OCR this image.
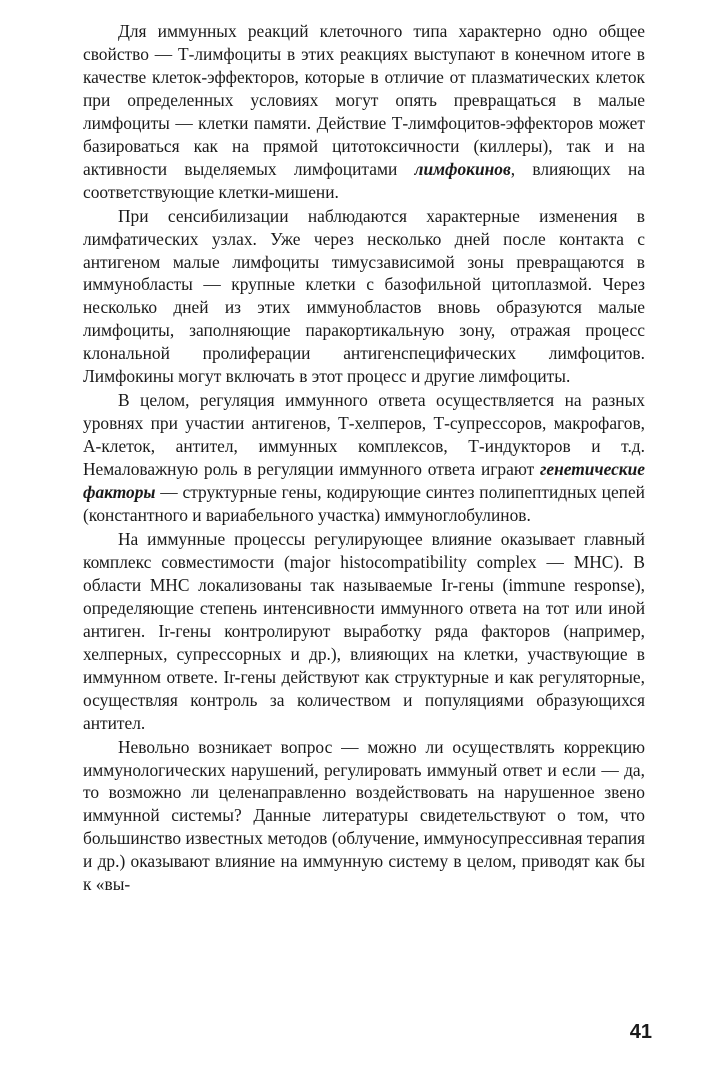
Для иммунных реакций клеточного типа характерно одно общее свойство — Т-лимфоциты в этих реакциях выступают в конечном итоге в качестве клеток-эффекторов, которые в отличие от плазматических клеток при определенных условиях могут опять превращаться в малые лимфоциты — клетки памяти. Действие Т-лимфоцитов-эффекторов может базироваться как на прямой цитотоксичности (киллеры), так и на активности выделяемых лимфоцитами лимфокинов, влияющих на соответствующие клетки-мишени.

При сенсибилизации наблюдаются характерные изменения в лимфатических узлах. Уже через несколько дней после контакта с антигеном малые лимфоциты тимусзависимой зоны превращаются в иммунобласты — крупные клетки с базофильной цитоплазмой. Через несколько дней из этих иммунобластов вновь образуются малые лимфоциты, заполняющие паракортикальную зону, отражая процесс клональной пролиферации антигенспецифических лимфоцитов. Лимфокины могут включать в этот процесс и другие лимфоциты.

В целом, регуляция иммунного ответа осуществляется на разных уровнях при участии антигенов, Т-хелперов, Т-супрессоров, макрофагов, А-клеток, антител, иммунных комплексов, Т-индукторов и т.д. Немаловажную роль в регуляции иммунного ответа играют генетические факторы — структурные гены, кодирующие синтез полипептидных цепей (константного и вариабельного участка) иммуноглобулинов.

На иммунные процессы регулирующее влияние оказывает главный комплекс совместимости (major histocompatibility complex — МНС). В области МНС локализованы так называемые Ir-гены (immune response), определяющие степень интенсивности иммунного ответа на тот или иной антиген. Ir-гены контролируют выработку ряда факторов (например, хелперных, супрессорных и др.), влияющих на клетки, участвующие в иммунном ответе. Ir-гены действуют как структурные и как регуляторные, осуществляя контроль за количеством и популяциями образующихся антител.

Невольно возникает вопрос — можно ли осуществлять коррекцию иммунологических нарушений, регулировать иммуный ответ и если — да, то возможно ли целенаправленно воздействовать на нарушенное звено иммунной системы? Данные литературы свидетельствуют о том, что большинство известных методов (облучение, иммуносупрессивная терапия и др.) оказывают влияние на иммунную систему в целом, приводят как бы к «вы-

41
